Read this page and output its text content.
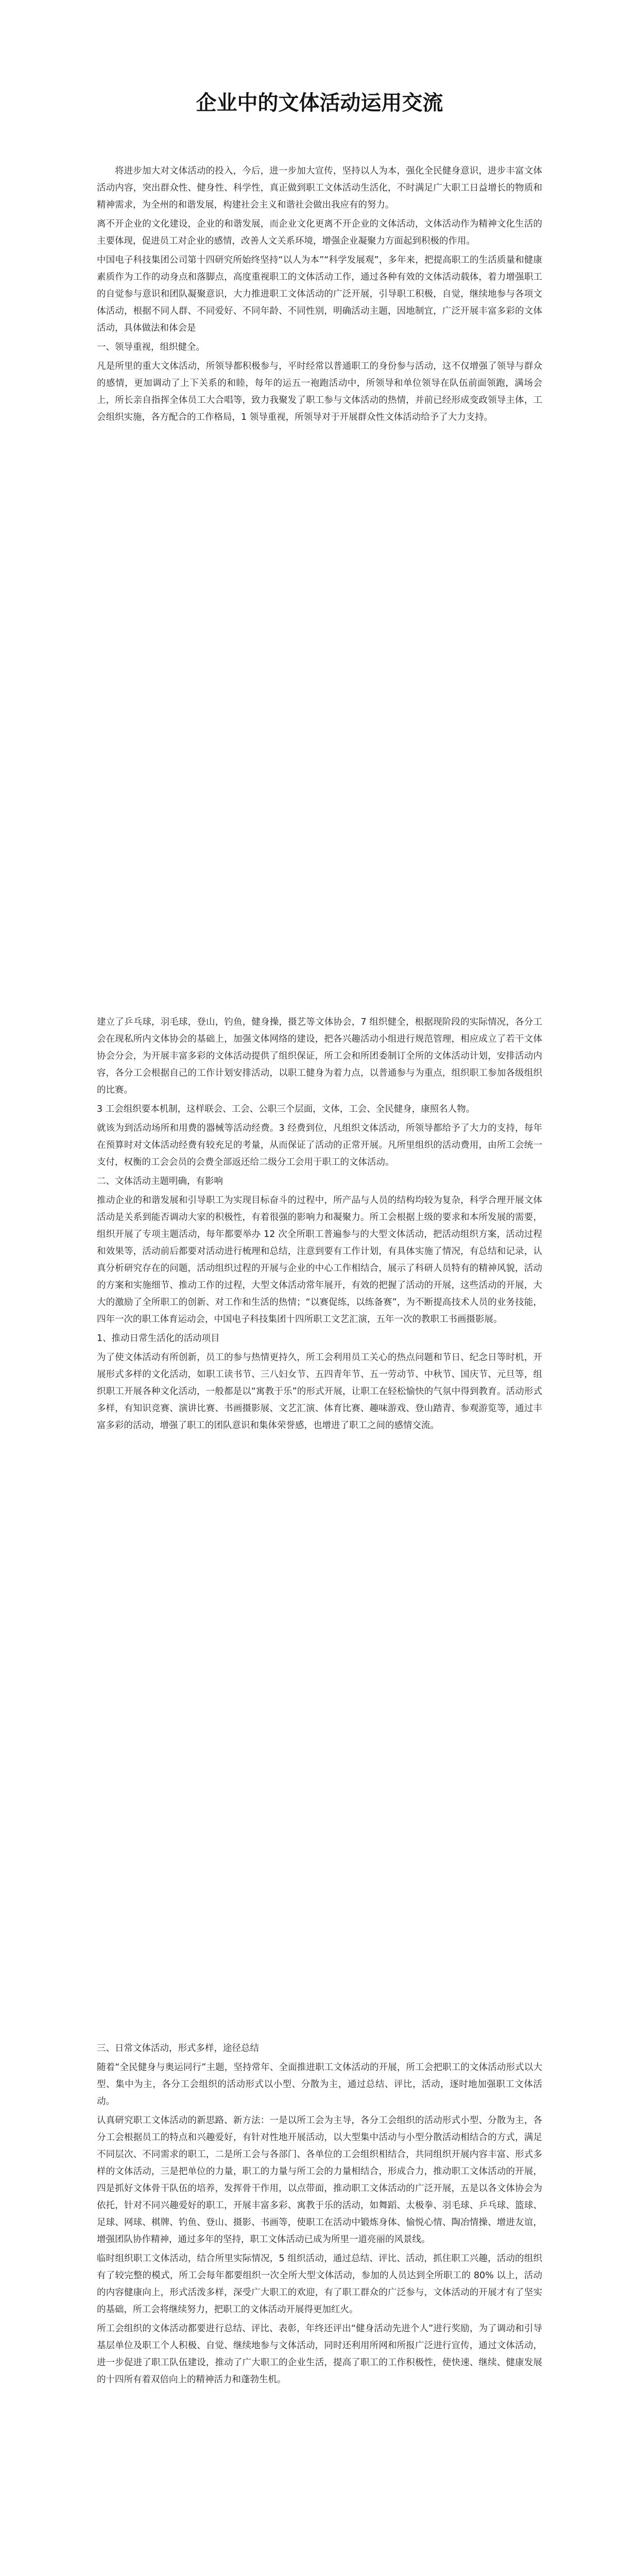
企业中的文体活动运用交流

将进步加大对文体活动的投入，今后，进一步加大宣传，坚持以人为本，强化全民健身意识，进步丰富文体活动内容，突出群众性、健身性、科学性，真正做到职工文体活动生活化，不时满足广大职工日益增长的物质和精神需求，为全州的和谐发展，构建社会主义和谐社会做出我应有的努力。

离不开企业的文化建设，企业的和谐发展，而企业文化更离不开企业的文体活动，文体活动作为精神文化生活的主要体现，促进员工对企业的感情，改善人文关系环境，增强企业凝聚力方面起到积极的作用。

中国电子科技集团公司第十四研究所始终坚持“以人为本”“科学发展观”，多年来，把提高职工的生活质量和健康素质作为工作的动身点和落脚点，高度重视职工的文体活动工作，通过各种有效的文体活动载体，着力增强职工的自觉参与意识和团队凝聚意识，大力推进职工文体活动的广泛开展，引导职工积极，自觉，继续地参与各项文体活动，根据不同人群、不同爱好、不同年龄、不同性别，明确活动主题，因地制宜，广泛开展丰富多彩的文体活动，具体做法和体会是

一、领导重视，组织健全。

凡是所里的重大文体活动，所领导都积极参与，平时经常以普通职工的身份参与活动，这不仅增强了领导与群众的感情，更加调动了上下关系的和睦，每年的运五一袍跑活动中，所领导和单位领导在队伍前面领跑，满场会上，所长亲自指挥全体员工大合唱等，致力我聚发了职工参与文体活动的热情，并前已经形成变政领导主体，工会组织实施，各方配合的工作格局，1 领导重视，所领导对于开展群众性文体活动给予了大力支持。

建立了乒乓球，羽毛球，登山，钓鱼，健身操，摄艺等文体协会，7 组织健全，根据现阶段的实际情况，各分工会在现私所内文体协会的基础上，加强文体网络的建设，把各兴趣活动小组进行规范管理，相应成立了若干文体协会分会，为开展丰富多彩的文体活动提供了组织保证，所工会和所团委制订全所的文体活动计划，安排活动内容，各分工会根据自己的工作计划安排活动，以职工健身为着力点，以普通参与为重点，组织职工参加各级组织的比赛。

3 工会组织要本机制，这样联会、工会、公职三个层面，文体，工会、全民健身，康照名人物。

就该为到活动场所和用费的器械等活动经费。3 经费到位，凡组织文体活动，所领导都给予了大力的支持，每年在预算时对文体活动经费有较充足的考量，从而保证了活动的正常开展。凡所里组织的活动费用，由所工会统一支付，权衡的工会会员的会费全部返还给二级分工会用于职工的文体活动。

二、文体活动主题明确，有影响

推动企业的和谐发展和引导职工为实现目标奋斗的过程中，所产品与人员的结构均较为复杂，科学合理开展文体活动是关系到能否调动大家的积极性，有着很强的影响力和凝聚力。所工会根据上级的要求和本所发展的需要，组织开展了专项主题活动，每年都要举办 12 次全所职工普遍参与的大型文体活动，把活动组织方案，活动过程和效果等，活动前后都要对活动进行梳理和总结，注意到要有工作计划，有具体实施了情况，有总结和记录，认真分析研究存在的问题，活动组织过程的开展与企业的中心工作相结合，展示了科研人员特有的精神风貌，活动的方案和实施细节、推动工作的过程，大型文体活动常年展开，有效的把握了活动的开展，这些活动的开展，大大的激励了全所职工的创新、对工作和生活的热情；“以赛促练，以练备赛”，为不断提高技术人员的业务技能，四年一次的职工体育运动会，中国电子科技集团十四所职工文艺汇演，五年一次的教职工书画摄影展。

1、推动日常生活化的活动项目

为了使文体活动有所创新，员工的参与热情更持久，所工会利用员工关心的热点问题和节日、纪念日等时机，开展形式多样的文化活动，如职工读书节、三八妇女节、五四青年节、五一劳动节、中秋节、国庆节、元旦等，组织职工开展各种文化活动，一般都是以“寓教于乐”的形式开展，让职工在轻松愉快的气氛中得到教育。活动形式多样，有知识竞赛、演讲比赛、书画摄影展、文艺汇演、体育比赛、趣味游戏、登山踏青、参观游览等，通过丰富多彩的活动，增强了职工的团队意识和集体荣誉感，也增进了职工之间的感情交流。

三、日常文体活动，形式多样，途径总结

随着“全民健身与奥运同行”主题，坚持常年、全面推进职工文体活动的开展，所工会把职工的文体活动形式以大型、集中为主，各分工会组织的活动形式以小型、分散为主，通过总结、评比，活动，逐时地加强职工文体活动。

认真研究职工文体活动的新思路、新方法：一是以所工会为主导，各分工会组织的活动形式小型、分散为主，各分工会根据员工的特点和兴趣爱好，有针对性地开展活动，以大型集中活动与小型分散活动相结合的方式，满足不同层次、不同需求的职工，二是所工会与各部门、各单位的工会组织相结合，共同组织开展内容丰富、形式多样的文体活动，三是把单位的力量，职工的力量与所工会的力量相结合，形成合力，推动职工文体活动的开展，四是抓好文体骨干队伍的培养，发挥骨干作用，以点带面，推动职工文体活动的广泛开展，五是以各文体协会为依托，针对不同兴趣爱好的职工，开展丰富多彩、寓教于乐的活动，如舞蹈、太极拳、羽毛球、乒乓球、篮球、足球、网球、棋牌、钓鱼、登山、摄影、书画等，使职工在活动中锻炼身体、愉悦心情、陶冶情操、增进友谊，增强团队协作精神，通过多年的坚持，职工文体活动已成为所里一道亮丽的风景线。

临时组织职工文体活动，结合所里实际情况，5 组织活动，通过总结、评比、活动，抓住职工兴趣，活动的组织有了较完整的模式，所工会每年都要组织一次全所大型文体活动，参加的人员达到全所职工的 80% 以上，活动的内容健康向上，形式活泼多样，深受广大职工的欢迎，有了职工群众的广泛参与，文体活动的开展才有了坚实的基础，所工会将继续努力，把职工的文体活动开展得更加红火。

所工会组织的文体活动都要进行总结、评比、表彰，年终还评出“健身活动先进个人”进行奖励，为了调动和引导基层单位及职工个人积极、自觉、继续地参与文体活动，同时还利用所网和所报广泛进行宣传，通过文体活动，进一步促进了职工队伍建设，推动了广大职工的企业生活，提高了职工的工作积极性，使快速、继续、健康发展的十四所有着双倍向上的精神活力和蓬勃生机。
